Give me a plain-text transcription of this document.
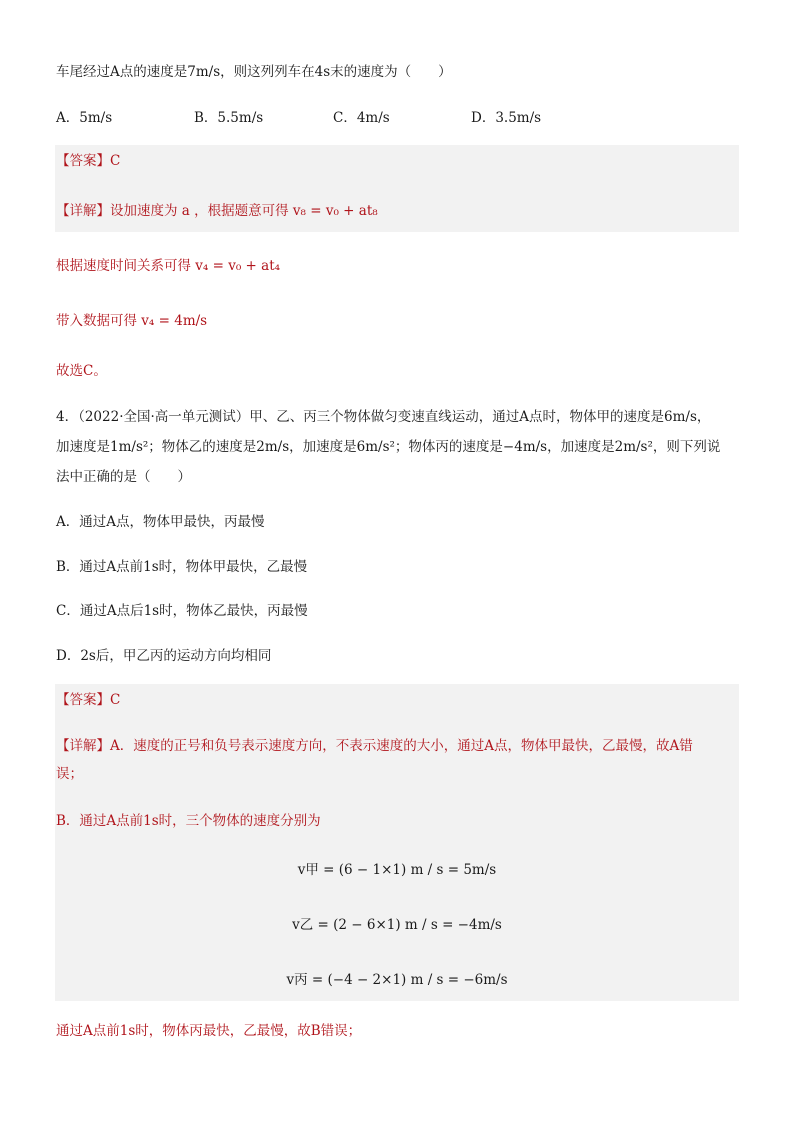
车尾经过A点的速度是7m/s，则这列列车在4s末的速度为（　　）
A．5m/s	B．5.5m/s	C．4m/s	D．3.5m/s
【答案】C
【详解】设加速度为 a ，根据题意可得 v₈ = v₀ + at₈
根据速度时间关系可得 v₄ = v₀ + at₄
带入数据可得 v₄ = 4m/s
故选C。
4．（2022·全国·高一单元测试）甲、乙、丙三个物体做匀变速直线运动，通过A点时，物体甲的速度是6m/s，
加速度是1m/s²；物体乙的速度是2m/s，加速度是6m/s²；物体丙的速度是−4m/s，加速度是2m/s²，则下列说
法中正确的是（　　）
A．通过A点，物体甲最快，丙最慢
B．通过A点前1s时，物体甲最快，乙最慢
C．通过A点后1s时，物体乙最快，丙最慢
D．2s后，甲乙丙的运动方向均相同
【答案】C
【详解】A．速度的正号和负号表示速度方向，不表示速度的大小，通过A点，物体甲最快，乙最慢，故A错
误；
B．通过A点前1s时，三个物体的速度分别为
v甲 = (6 − 1×1) m / s = 5m/s
v乙 = (2 − 6×1) m / s = −4m/s
v丙 = (−4 − 2×1) m / s = −6m/s
通过A点前1s时，物体丙最快，乙最慢，故B错误；
